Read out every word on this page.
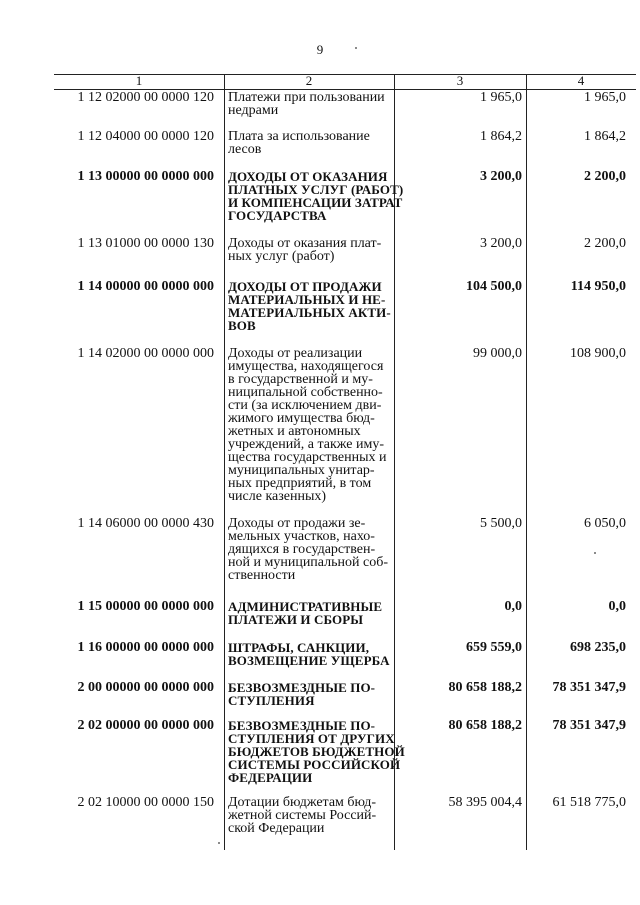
9
1	2	3	4
1 12 02000 00 0000 120 Платежи при пользовании
недрами
1 965,0	1 965,0
1 12 04000 00 0000 120 Плата за использование
лесов
1 864,2	1 864,2
1 13 00000 00 0000 000 ДОХОДЫ ОТ ОКАЗАНИЯ
ПЛАТНЫХ УСЛУГ (РАБОТ)
И КОМПЕНСАЦИИ ЗАТРАТ
ГОСУДАРСТВА
3 200,0	2 200,0
1 13 01000 00 0000 130 Доходы от оказания плат-
ных услуг (работ)
3 200,0	2 200,0
1 14 00000 00 0000 000 ДОХОДЫ ОТ ПРОДАЖИ
МАТЕРИАЛЬНЫХ И НЕ-
МАТЕРИАЛЬНЫХ АКТИ-
ВОВ
104 500,0	114 950,0
1 14 02000 00 0000 000 Доходы от реализации
имущества, находящегося
в государственной и му-
ниципальной собственно-
сти (за исключением дви-
жимого имущества бюд-
жетных и автономных
учреждений, а также иму-
щества государственных и
муниципальных унитар-
ных предприятий, в том
числе казенных)
99 000,0	108 900,0
1 14 06000 00 0000 430 Доходы от продажи зе-
мельных участков, нахо-
дящихся в государствен-
ной и муниципальной соб-
ственности
5 500,0	6 050,0
1 15 00000 00 0000 000 АДМИНИСТРАТИВНЫЕ
ПЛАТЕЖИ И СБОРЫ
0,0	0,0
1 16 00000 00 0000 000 ШТРАФЫ, САНКЦИИ,
ВОЗМЕЩЕНИЕ УЩЕРБА
659 559,0	698 235,0
2 00 00000 00 0000 000 БЕЗВОЗМЕЗДНЫЕ ПО-
СТУПЛЕНИЯ
80 658 188,2	78 351 347,9
2 02 00000 00 0000 000 БЕЗВОЗМЕЗДНЫЕ ПО-
СТУПЛЕНИЯ ОТ ДРУГИХ
БЮДЖЕТОВ БЮДЖЕТНОЙ
СИСТЕМЫ РОССИЙСКОЙ
ФЕДЕРАЦИИ
80 658 188,2	78 351 347,9
2 02 10000 00 0000 150 Дотации бюджетам бюд-
жетной системы Россий-
ской Федерации
58 395 004,4	61 518 775,0
